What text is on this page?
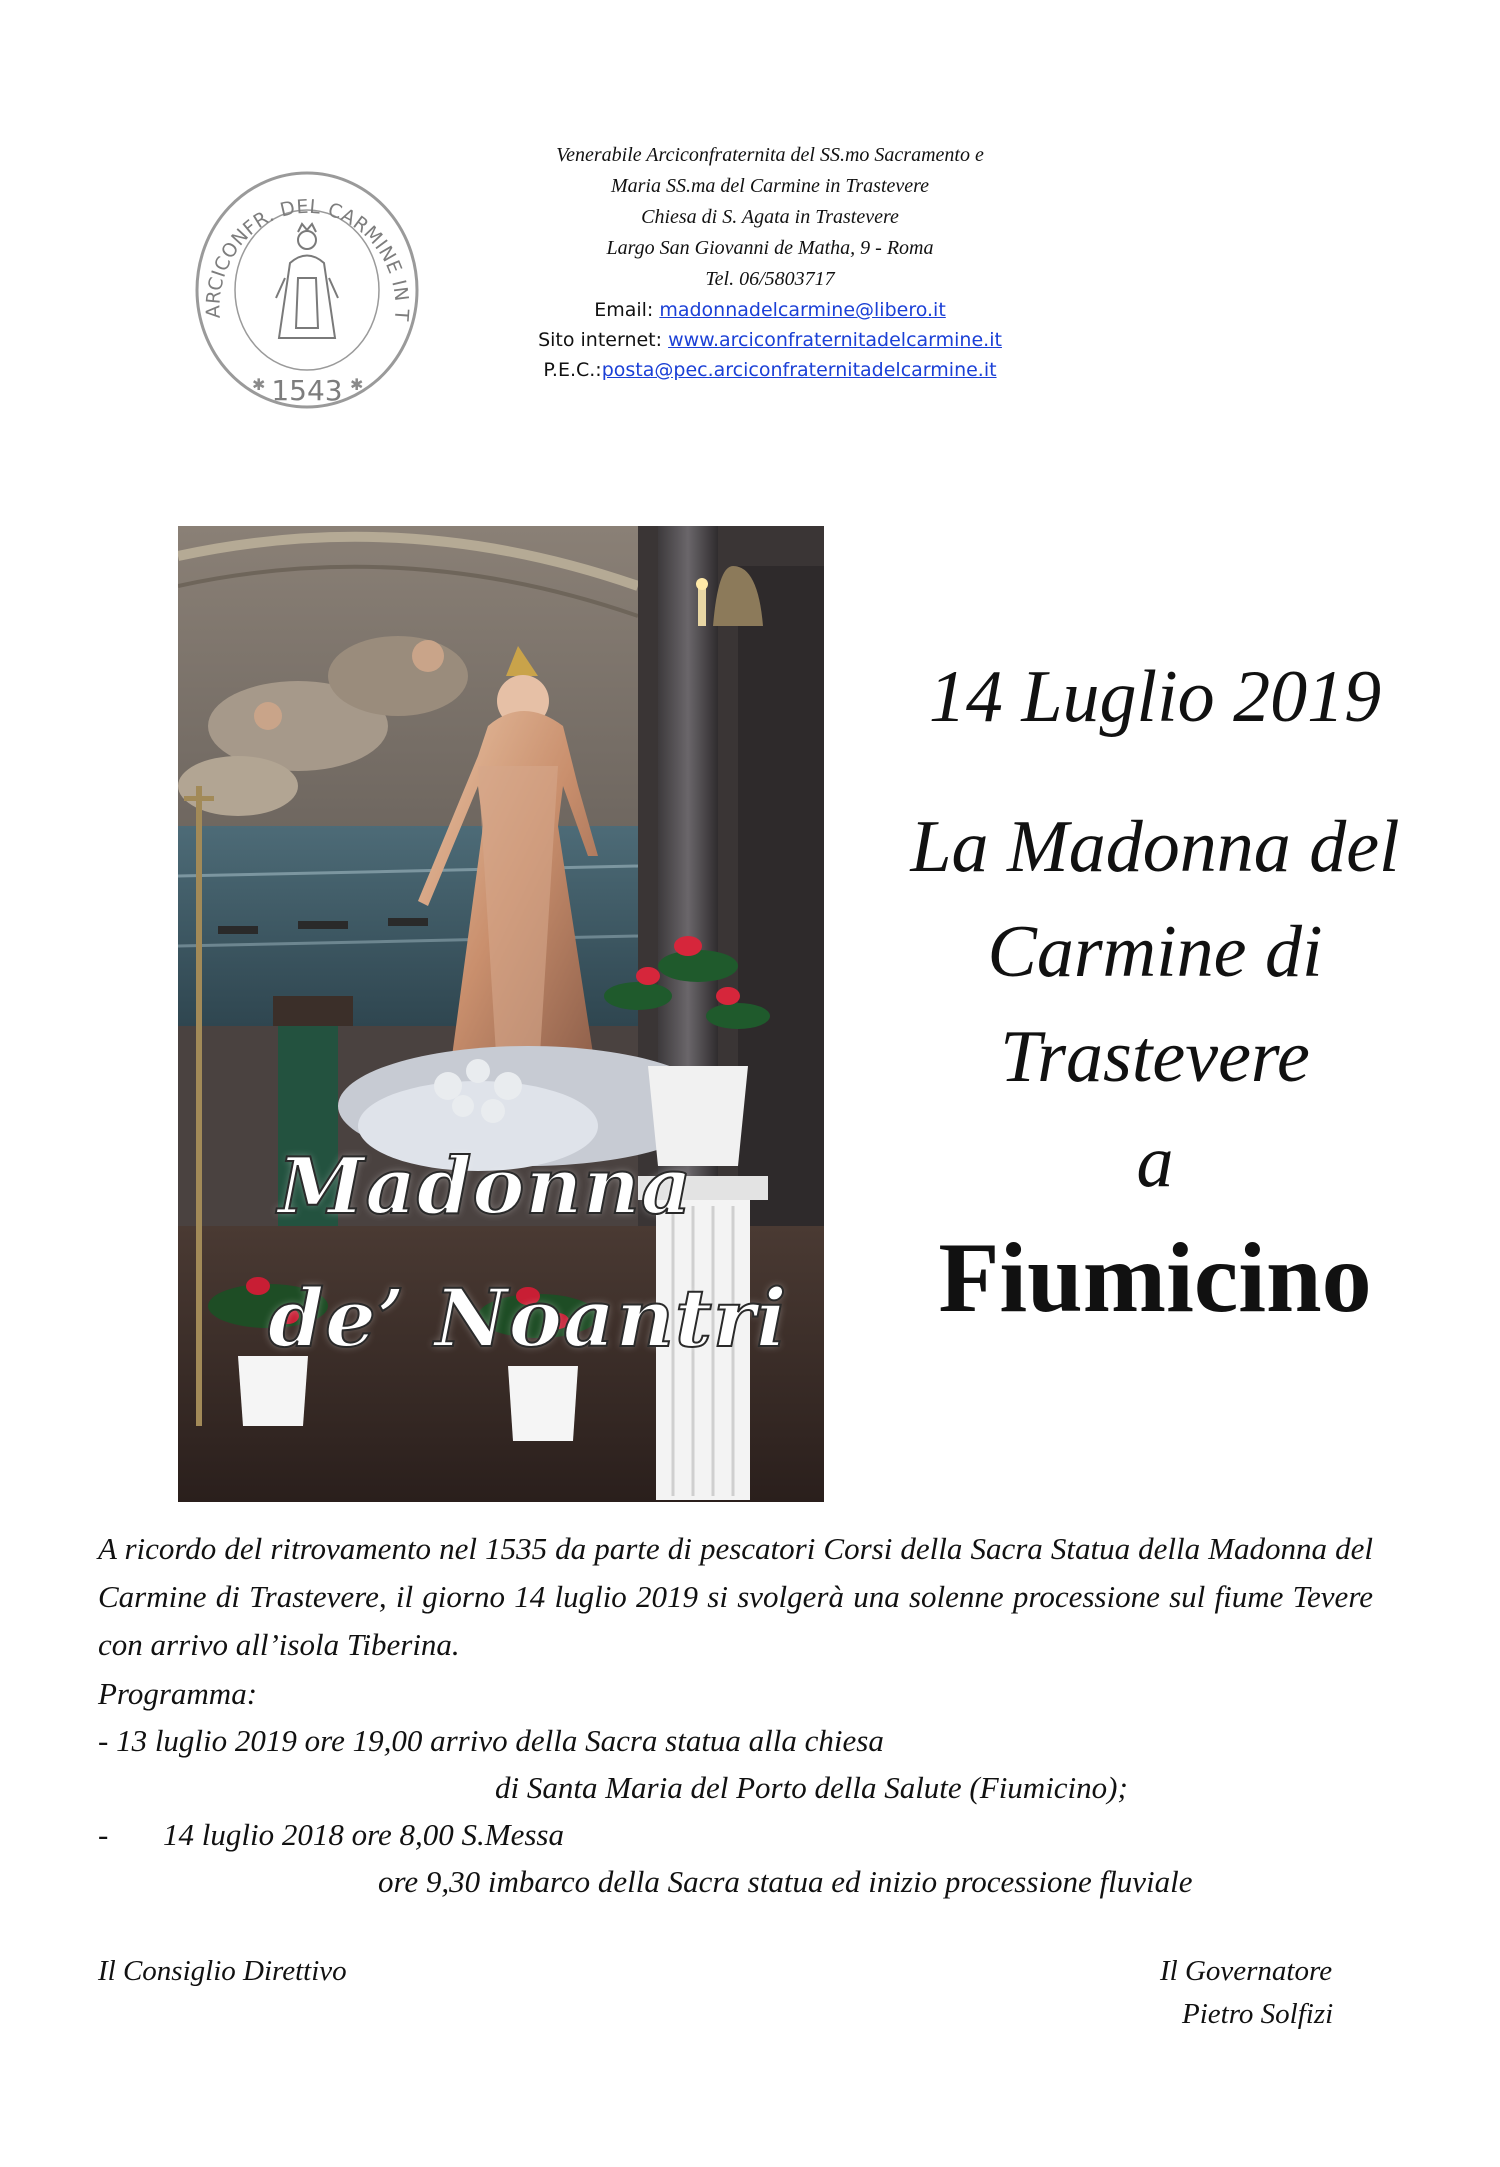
ARCICONFR. DEL CARMINE IN T
1543
✱	✱
Venerabile Arciconfraternita del SS.mo Sacramento e
Maria SS.ma del Carmine in Trastevere
Chiesa di S. Agata in Trastevere
Largo San Giovanni de Matha, 9 - Roma
Tel. 06/5803717
Email: madonnadelcarmine@libero.it
Sito internet: www.arciconfraternitadelcarmine.it
P.E.C.:posta@pec.arciconfraternitadelcarmine.it
Madonna
de’ Noantri
14 Luglio 2019
La Madonna del
Carmine di
Trastevere
a
Fiumicino
A ricordo del ritrovamento nel 1535 da parte di pescatori Corsi della Sacra Statua della Madonna del Carmine di Trastevere, il giorno 14 luglio 2019 si svolgerà una solenne processione sul fiume Tevere con arrivo all’isola Tiberina.
Programma:
- 13 luglio 2019 ore 19,00 arrivo della Sacra statua alla chiesa
di Santa Maria del Porto della Salute (Fiumicino);
- 14 luglio 2018 ore 8,00 S.Messa
ore 9,30 imbarco della Sacra statua ed inizio processione fluviale
Il Consiglio Direttivo	Il Governatore
Pietro Solfizi
